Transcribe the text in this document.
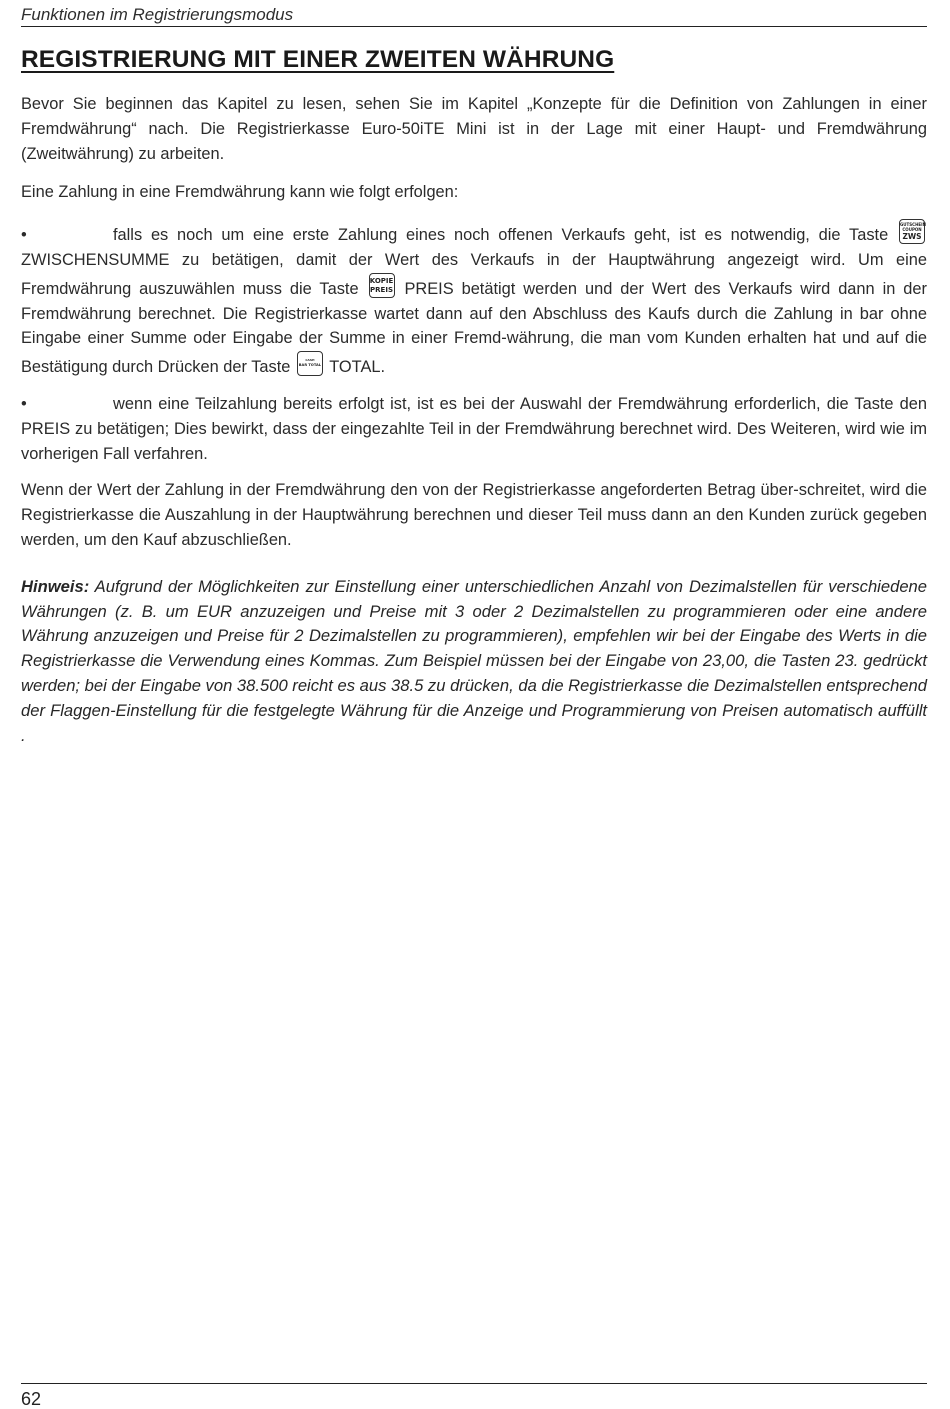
Funktionen im Registrierungsmodus
REGISTRIERUNG MIT EINER ZWEITEN WÄHRUNG

Bevor Sie beginnen das Kapitel zu lesen, sehen Sie im Kapitel „Konzepte für die Definition von Zahlungen in einer Fremdwährung“ nach. Die Registrierkasse Euro-50iTE Mini ist in der Lage mit einer Haupt- und Fremdwährung (Zweitwährung) zu arbeiten.

Eine Zahlung in eine Fremdwährung kann wie folgt erfolgen:

•	falls es noch um eine erste Zahlung eines noch offenen Verkaufs geht, ist es notwendig, die Taste
GUTSCHEIN COUPON
ZWS
ZWISCHENSUMME zu betätigen, damit der Wert des Verkaufs in der Hauptwährung angezeigt wird. Um eine Fremdwährung auszuwählen muss die Taste KOPIE
PREIS PREIS betätigt werden und der Wert des Verkaufs wird dann in der Fremdwährung berechnet. Die Registrierkasse wartet dann auf den Abschluss des Kaufs durch die Zahlung in bar ohne Eingabe einer Summe oder Eingabe der Summe in einer Fremd-währung, die man vom Kunden erhalten hat und auf die Bestätigung durch Drücken der Taste	CASH
BAR TOTAL TOTAL.

•	wenn eine Teilzahlung bereits erfolgt ist, ist es bei der Auswahl der Fremdwährung erforderlich, die Taste den PREIS zu betätigen; Dies bewirkt, dass der eingezahlte Teil in der Fremdwährung berechnet wird. Des Weiteren, wird wie im vorherigen Fall verfahren.

Wenn der Wert der Zahlung in der Fremdwährung den von der Registrierkasse angeforderten Betrag über-schreitet, wird die Registrierkasse die Auszahlung in der Hauptwährung berechnen und dieser Teil muss dann an den Kunden zurück gegeben werden, um den Kauf abzuschließen.

Hinweis: Aufgrund der Möglichkeiten zur Einstellung einer unterschiedlichen Anzahl von Dezimalstellen für verschiedene Währungen (z. B. um EUR anzuzeigen und Preise mit 3 oder 2 Dezimalstellen zu programmieren oder eine andere Währung anzuzeigen und Preise für 2 Dezimalstellen zu programmieren), empfehlen wir bei der Eingabe des Werts in die Registrierkasse die Verwendung eines Kommas. Zum Beispiel müssen bei der Eingabe von 23,00, die Tasten 23. gedrückt werden; bei der Eingabe von 38.500 reicht es aus 38.5 zu drücken, da die Registrierkasse die Dezimalstellen entsprechend der Flaggen-Einstellung für die festgelegte Währung für die Anzeige und Programmierung von Preisen automatisch auffüllt .
62
